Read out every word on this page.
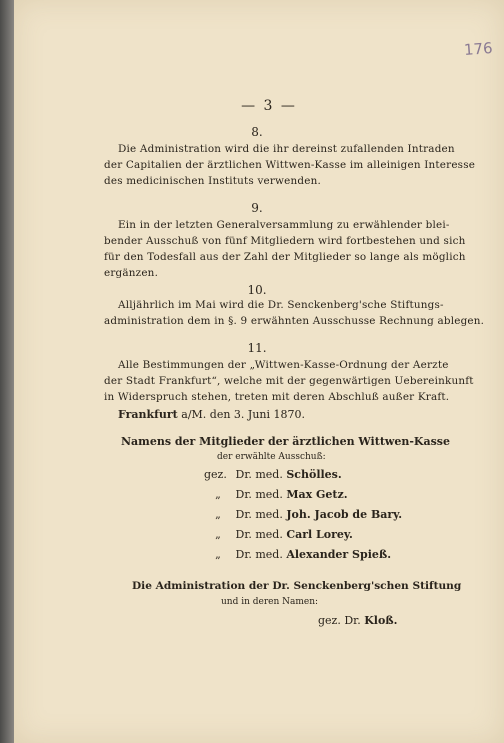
176
— 3 —
8.
Die Administration wird die ihr dereinst zufallenden Intraden
der Capitalien der ärztlichen Wittwen-Kasse im alleinigen Interesse
des medicinischen Instituts verwenden.
9.
Ein in der letzten Generalversammlung zu erwählender blei-
bender Ausschuß von fünf Mitgliedern wird fortbestehen und sich
für den Todesfall aus der Zahl der Mitglieder so lange als möglich
ergänzen.
10.
Alljährlich im Mai wird die Dr. Senckenberg'sche Stiftungs-
administration dem in §. 9 erwähnten Ausschusse Rechnung ablegen.
11.
Alle Bestimmungen der „Wittwen-Kasse-Ordnung der Aerzte
der Stadt Frankfurt“, welche mit der gegenwärtigen Uebereinkunft
in Widerspruch stehen, treten mit deren Abschluß außer Kraft.
Frankfurt a/M. den 3. Juni 1870.
Namens der Mitglieder der ärztlichen Wittwen-Kasse
der erwählte Ausschuß:
gez. Dr. med. Schölles.
„ Dr. med. Max Getz.
„ Dr. med. Joh. Jacob de Bary.
„ Dr. med. Carl Lorey.
„ Dr. med. Alexander Spieß.
Die Administration der Dr. Senckenberg'schen Stiftung
und in deren Namen:
gez. Dr. Kloß.
